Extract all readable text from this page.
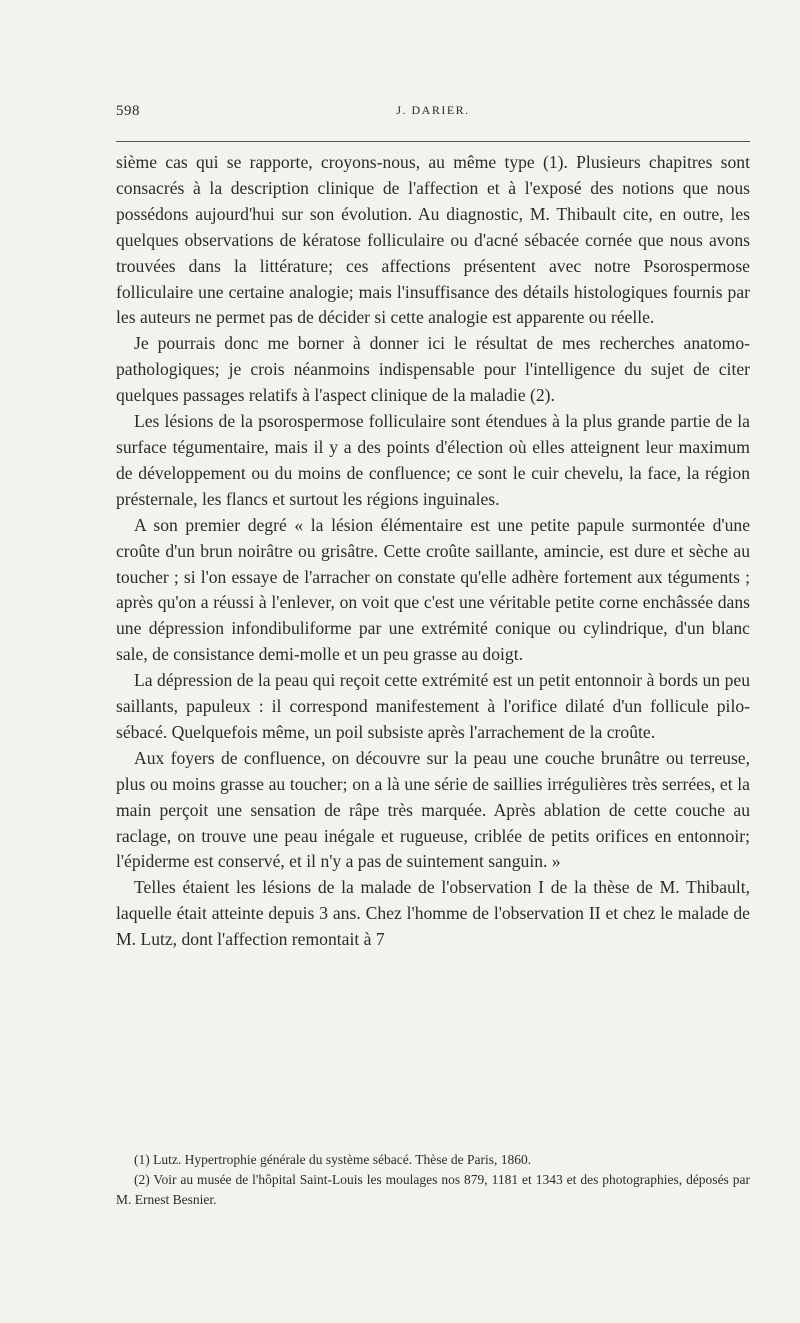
598	J. DARIER.

sième cas qui se rapporte, croyons-nous, au même type (1). Plusieurs chapitres sont consacrés à la description clinique de l'affection et à l'exposé des notions que nous possédons aujourd'hui sur son évolution. Au diagnostic, M. Thibault cite, en outre, les quelques observations de kératose folliculaire ou d'acné sébacée cornée que nous avons trouvées dans la littérature; ces affections présentent avec notre Psorospermose folliculaire une certaine analogie; mais l'insuffisance des détails histologiques fournis par les auteurs ne permet pas de décider si cette analogie est apparente ou réelle.

Je pourrais donc me borner à donner ici le résultat de mes recherches anatomo-pathologiques; je crois néanmoins indispensable pour l'intelligence du sujet de citer quelques passages relatifs à l'aspect clinique de la maladie (2).

Les lésions de la psorospermose folliculaire sont étendues à la plus grande partie de la surface tégumentaire, mais il y a des points d'élection où elles atteignent leur maximum de développement ou du moins de confluence; ce sont le cuir chevelu, la face, la région présternale, les flancs et surtout les régions inguinales.

A son premier degré « la lésion élémentaire est une petite papule surmontée d'une croûte d'un brun noirâtre ou grisâtre. Cette croûte saillante, amincie, est dure et sèche au toucher ; si l'on essaye de l'arracher on constate qu'elle adhère fortement aux téguments ; après qu'on a réussi à l'enlever, on voit que c'est une véritable petite corne enchâssée dans une dépression infondibuliforme par une extrémité conique ou cylindrique, d'un blanc sale, de consistance demi-molle et un peu grasse au doigt.

La dépression de la peau qui reçoit cette extrémité est un petit entonnoir à bords un peu saillants, papuleux : il correspond manifestement à l'orifice dilaté d'un follicule pilo-sébacé. Quelquefois même, un poil subsiste après l'arrachement de la croûte.

Aux foyers de confluence, on découvre sur la peau une couche brunâtre ou terreuse, plus ou moins grasse au toucher; on a là une série de saillies irrégulières très serrées, et la main perçoit une sensation de râpe très marquée. Après ablation de cette couche au raclage, on trouve une peau inégale et rugueuse, criblée de petits orifices en entonnoir; l'épiderme est conservé, et il n'y a pas de suintement sanguin. »

Telles étaient les lésions de la malade de l'observation I de la thèse de M. Thibault, laquelle était atteinte depuis 3 ans. Chez l'homme de l'observation II et chez le malade de M. Lutz, dont l'affection remontait à 7

(1) Lutz. Hypertrophie générale du système sébacé. Thèse de Paris, 1860.

(2) Voir au musée de l'hôpital Saint-Louis les moulages nos 879, 1181 et 1343 et des photographies, déposés par M. Ernest Besnier.
